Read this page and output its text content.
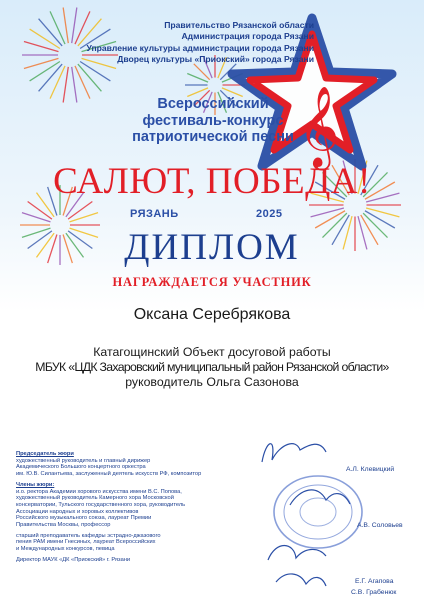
𝄞
Правительство Рязанской области
Администрация города Рязани
Управление культуры администрации города Рязани
Дворец культуры «Приокский» города Рязани
Всероссийский
фестиваль-конкурс
патриотической песни
САЛЮТ, ПОБЕДА!
РЯЗАНЬ	2025
ДИПЛОМ
НАГРАЖДАЕТСЯ УЧАСТНИК
Оксана Серебрякова
Катагощинский Объект досуговой работы
МБУК «ЦДК Захаровский муниципальный район Рязанской области»
руководитель Ольга Сазонова
Председатель жюри
художественный руководитель и главный дирижер
Академического Большого концертного оркестра
им. Ю.В. Силантьева, заслуженный деятель искусств РФ, композитор
Члены жюри:
и.о. ректора Академии хорового искусства имени В.С. Попова,
художественный руководитель Камерного хора Московской
консерватории, Тульского государственного хора, руководитель
Ассоциации народных и хоровых коллективов
Российского музыкального союза, лауреат Премии
Правительства Москвы, профессор
старший преподаватель кафедры эстрадно-джазового
пения РАМ имени Гнесиных, лауреат Всероссийских
и Международных конкурсов, певица
Директор МАУК «ДК «Приокский» г. Рязани
А.Л. Клевицкий
А.В. Соловьев
Е.Г. Агапова
С.В. Грабенюк
